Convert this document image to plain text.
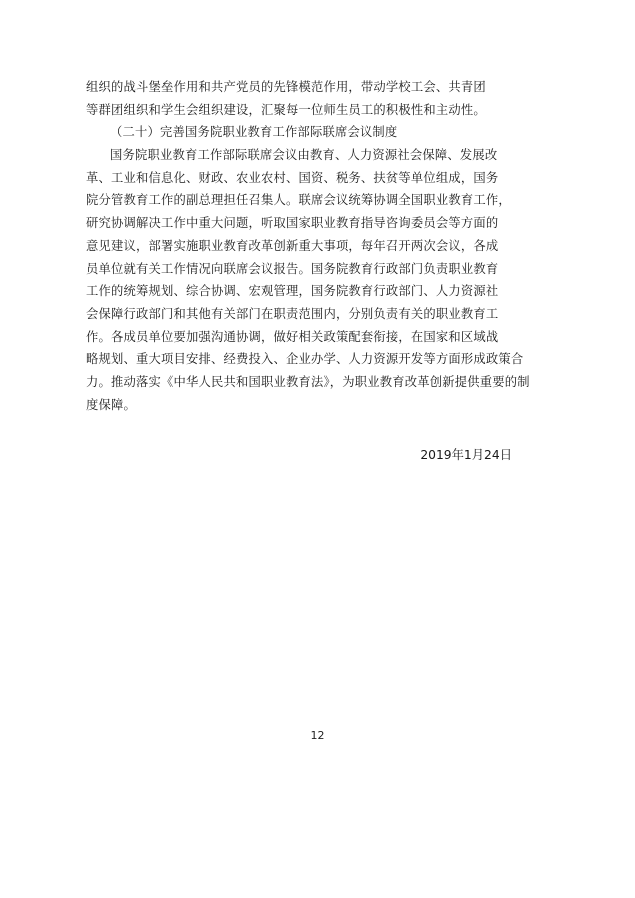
组织的战斗堡垒作用和共产党员的先锋模范作用，带动学校工会、共青团
等群团组织和学生会组织建设，汇聚每一位师生员工的积极性和主动性。
（二十）完善国务院职业教育工作部际联席会议制度
国务院职业教育工作部际联席会议由教育、人力资源社会保障、发展改
革、工业和信息化、财政、农业农村、国资、税务、扶贫等单位组成，国务
院分管教育工作的副总理担任召集人。联席会议统筹协调全国职业教育工作，
研究协调解决工作中重大问题，听取国家职业教育指导咨询委员会等方面的
意见建议，部署实施职业教育改革创新重大事项，每年召开两次会议，各成
员单位就有关工作情况向联席会议报告。国务院教育行政部门负责职业教育
工作的统筹规划、综合协调、宏观管理，国务院教育行政部门、人力资源社
会保障行政部门和其他有关部门在职责范围内，分别负责有关的职业教育工
作。各成员单位要加强沟通协调，做好相关政策配套衔接，在国家和区域战
略规划、重大项目安排、经费投入、企业办学、人力资源开发等方面形成政策合
力。推动落实《中华人民共和国职业教育法》，为职业教育改革创新提供重要的制
度保障。
2019年1月24日
12
